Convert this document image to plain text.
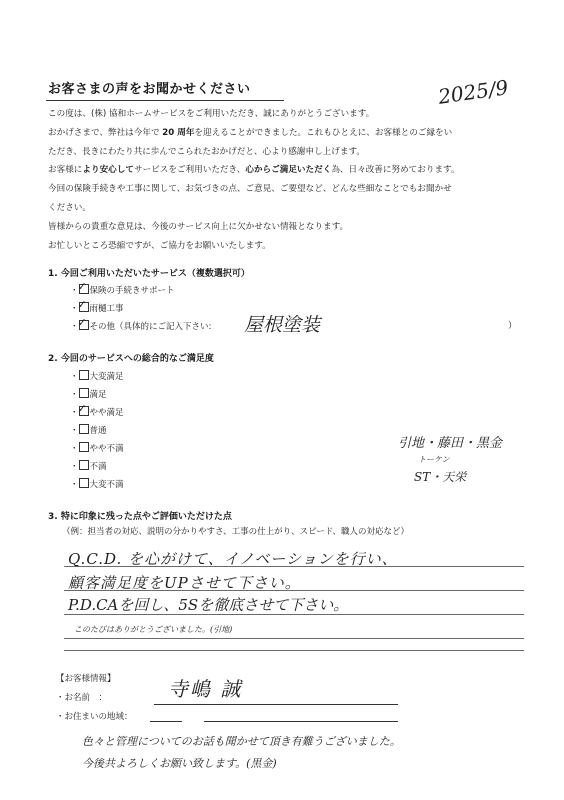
お客さまの声をお聞かせください	2025/9
この度は、(株) 協和ホームサービスをご利用いただき、誠にありがとうございます。
おかげさまで、弊社は今年で 20 周年を迎えることができました。これもひとえに、お客様とのご縁をい
ただき、長きにわたり共に歩んでこられたおかげだと、心より感謝申し上げます。
お客様により安心してサービスをご利用いただき、心からご満足いただく為、日々改善に努めております。
今回の保険手続きや工事に関して、お気づきの点、ご意見、ご要望など、どんな些細なことでもお聞かせ
ください。
皆様からの貴重な意見は、今後のサービス向上に欠かせない情報となります。
お忙しいところ恐縮ですが、ご協力をお願いいたします。
1. 今回ご利用いただいたサービス（複数選択可）
・ ✓ 保険の手続きサポート
・ ✓ 雨樋工事
・ ✓ その他（具体的にご記入下さい: 屋根塗装	）
2. 今回のサービスへの総合的なご満足度
・ 大変満足
・ 満足
・ ✓ やや満足
・ 普通
・ やや不満
・ 不満
・ 大変不満
引地・藤田・黒金
トーケン
ST・天栄
3. 特に印象に残った点やご評価いただけた点
（例：担当者の対応、説明の分かりやすさ、工事の仕上がり、スピード、職人の対応など）
Q.C.D. を心がけて、イノベーションを行い、
顧客満足度をUPさせて下さい。
P.D.CAを回し、5Sを徹底させて下さい。
このたびはありがとうございました。(引地)
【お客様情報】
・お名前　：	寺嶋 誠
・お住まいの地域：
色々と管理についてのお話も聞かせて頂き有難うございました。
今後共よろしくお願い致します。(黒金)
